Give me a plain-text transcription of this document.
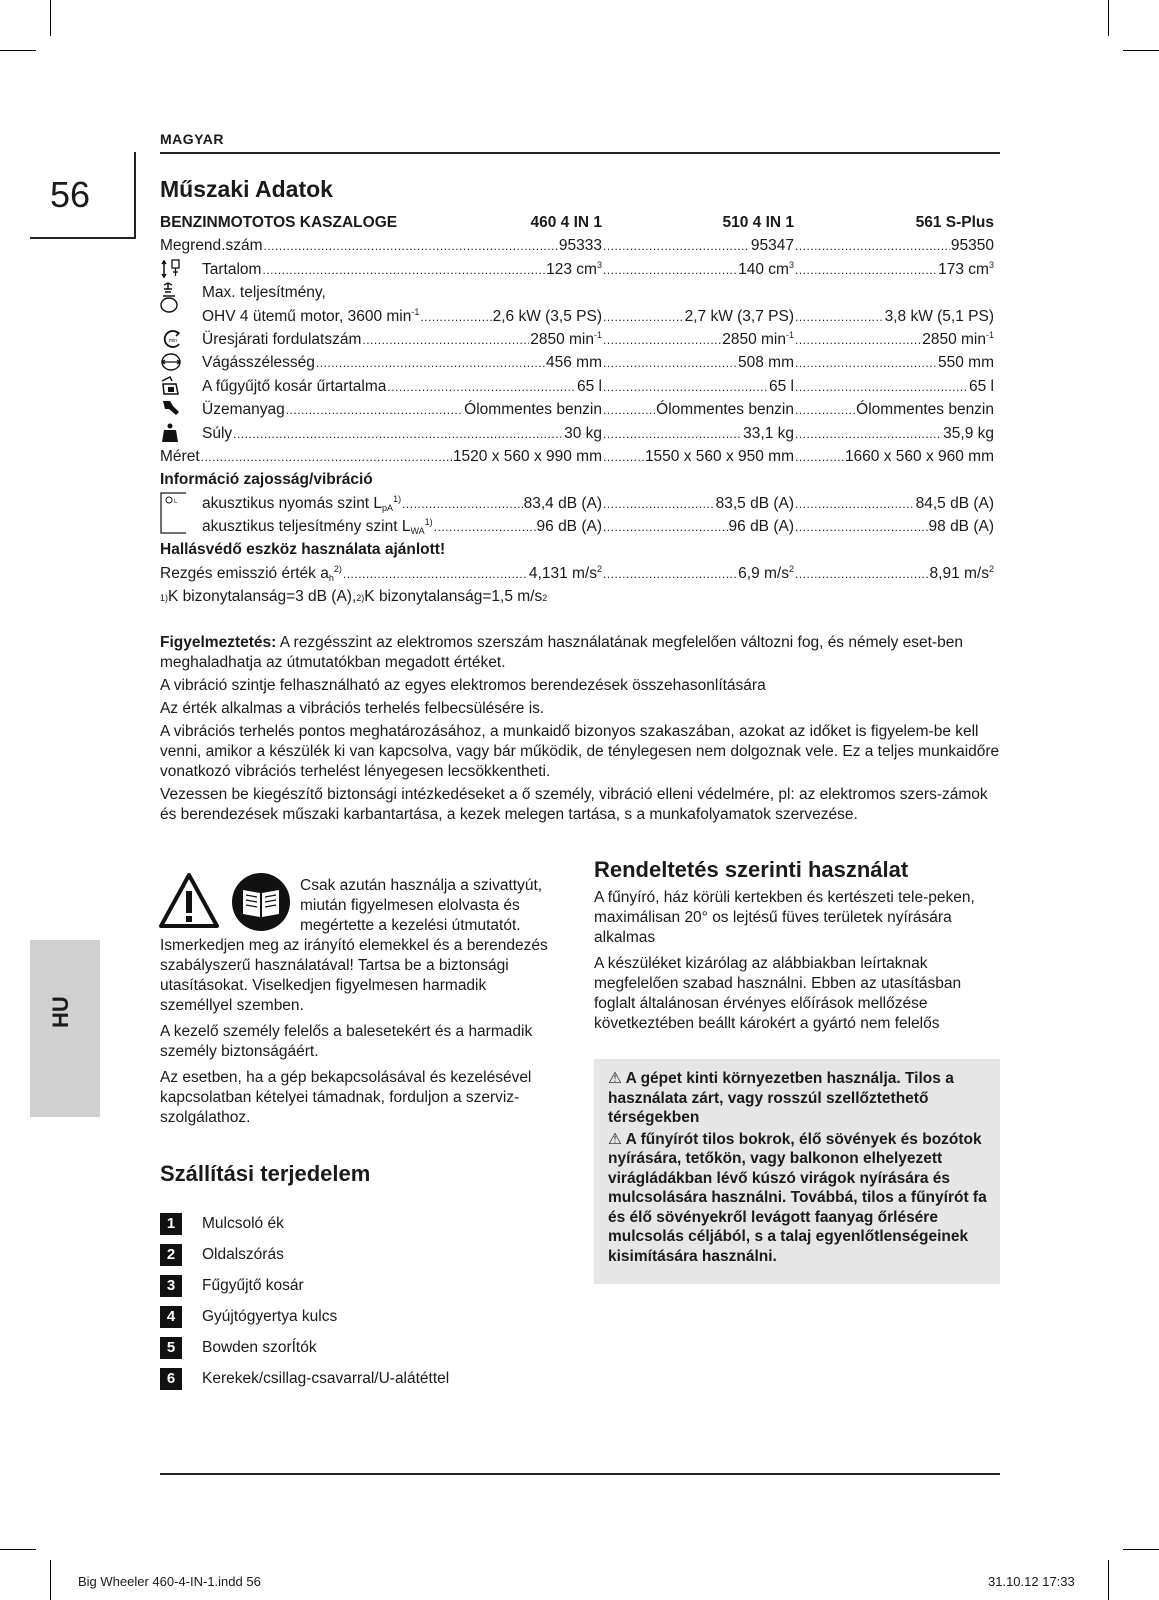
MAGYAR
56	Műszaki Adatok
BENZINMOTOTOS KASZALOGE	460 4 IN 1	510 4 IN 1	561 S-Plus
Megrend.szám .....	95333 .....	95347 .....	95350
Tartalom .....	123 $cm^3$ .....	140 $cm^3$ .....	173 $cm^3$
Max. teljesítmény,
OHV 4 ütemű motor, 3600 $\min^{-1}$ .....	2,6 kW (3,5 PS) .....	2,7 kW (3,7 PS) .....	3,8 kW (5,1 PS)
min	Üresjárati fordulatszám .....	2850 $\min^{-1}$ .....	2850 $\min^{-1}$ .....	2850 $\min^{-1}$
Vágásszélesség .....	456 mm .....	508 mm .....	550 mm
A fűgyűjtő kosár űrtartalma .....	65 l .....	65 l .....	65 l
Üzemanyag .....	Ólommentes benzin .....	Ólommentes benzin .....	Ólommentes benzin
Súly .....	30 kg .....	33,1 kg .....	35,9 kg
Méret .....	1520 x 560 x 990 mm .....	1550 x 560 x 950 mm .....	1660 x 560 x 960 mm
Információ zajosság/vibráció
L	akusztikus nyomás szint $L_{pA}^{1)}$ .....	83,4 dB (A) .....	83,5 dB (A) .....	84,5 dB (A)
akusztikus teljesítmény szint $L_{WA}^{1)}$ .....	96 dB (A) .....	96 dB (A) .....	98 dB (A)
Hallásvédő eszköz használata ajánlott!
Rezgés emisszió érték $a_h^{2)}$ .....	4,131 $m/s^2$ .....	6,9 $m/s^2$ .....	8,91 $m/s^2$
1) K bizonytalanság=3 dB (A), 2) K bizonytalanság=1,5 m/s 2

Figyelmeztetés: A rezgésszint az elektromos szerszám használatának megfelelően változni fog, és némely eset-ben meghaladhatja az útmutatókban megadott értéket.

A vibráció szintje felhasználható az egyes elektromos berendezések összehasonlítására

Az érték alkalmas a vibrációs terhelés felbecsülésére is.

A vibrációs terhelés pontos meghatározásához, a munkaidő bizonyos szakaszában, azokat az időket is figyelem-be kell venni, amikor a készülék ki van kapcsolva, vagy bár működik, de ténylegesen nem dolgoznak vele. Ez a teljes munkaidőre vonatkozó vibrációs terhelést lényegesen lecsökkentheti.

Vezessen be kiegészítő biztonsági intézkedéseket a ő személy, vibráció elleni védelmére, pl: az elektromos szers-zámok és berendezések műszaki karbantartása, a kezek melegen tartása, s a munkafolyamatok szervezése.

Csak azután használja a szivattyút,
miután figyelmesen elolvasta és
megértette a kezelési útmutatót.

Ismerkedjen meg az irányító elemekkel és a berendezés szabályszerű használatával! Tartsa be a biztonsági utasításokat. Viselkedjen figyelmesen harmadik személlyel szemben.

A kezelő személy felelős a balesetekért és a harmadik személy biztonságáért.

Az esetben, ha a gép bekapcsolásával és kezelésével kapcsolatban kételyei támadnak, forduljon a szerviz-szolgálathoz.

Szállítási terjedelem
1	Mulcsoló ék
2	Oldalszórás
3	Fűgyűjtő kosár
4	Gyújtógyertya kulcs
5	Bowden szorÍtók
6	Kerekek/csillag-csavarral/U-alátéttel
Rendeltetés szerinti használat

A fűnyíró, ház körüli kertekben és kertészeti tele-peken, maximálisan 20° os lejtésű füves területek nyírására alkalmas

A készüléket kizárólag az alábbiakban leírtaknak megfelelően szabad használni. Ebben az utasításban foglalt általánosan érvényes előírások mellőzése következtében beállt károkért a gyártó nem felelős

⚠ A gépet kinti környezetben használja. Tilos a használata zárt, vagy rosszúl szellőztethető térségekben

⚠ A fűnyírót tilos bokrok, élő sövények és bozótok nyírására, tetőkön, vagy balkonon elhelyezett virágládákban lévő kúszó virágok nyírására és mulcsolására használni. Továbbá, tilos a fűnyírót fa és élő sövényekről levágott faanyag őrlésére mulcsolás céljából, s a talaj egyenlőtlenségeinek kisimítására használni.

HU
Big Wheeler 460-4-IN-1.indd 56	31.10.12 17:33
